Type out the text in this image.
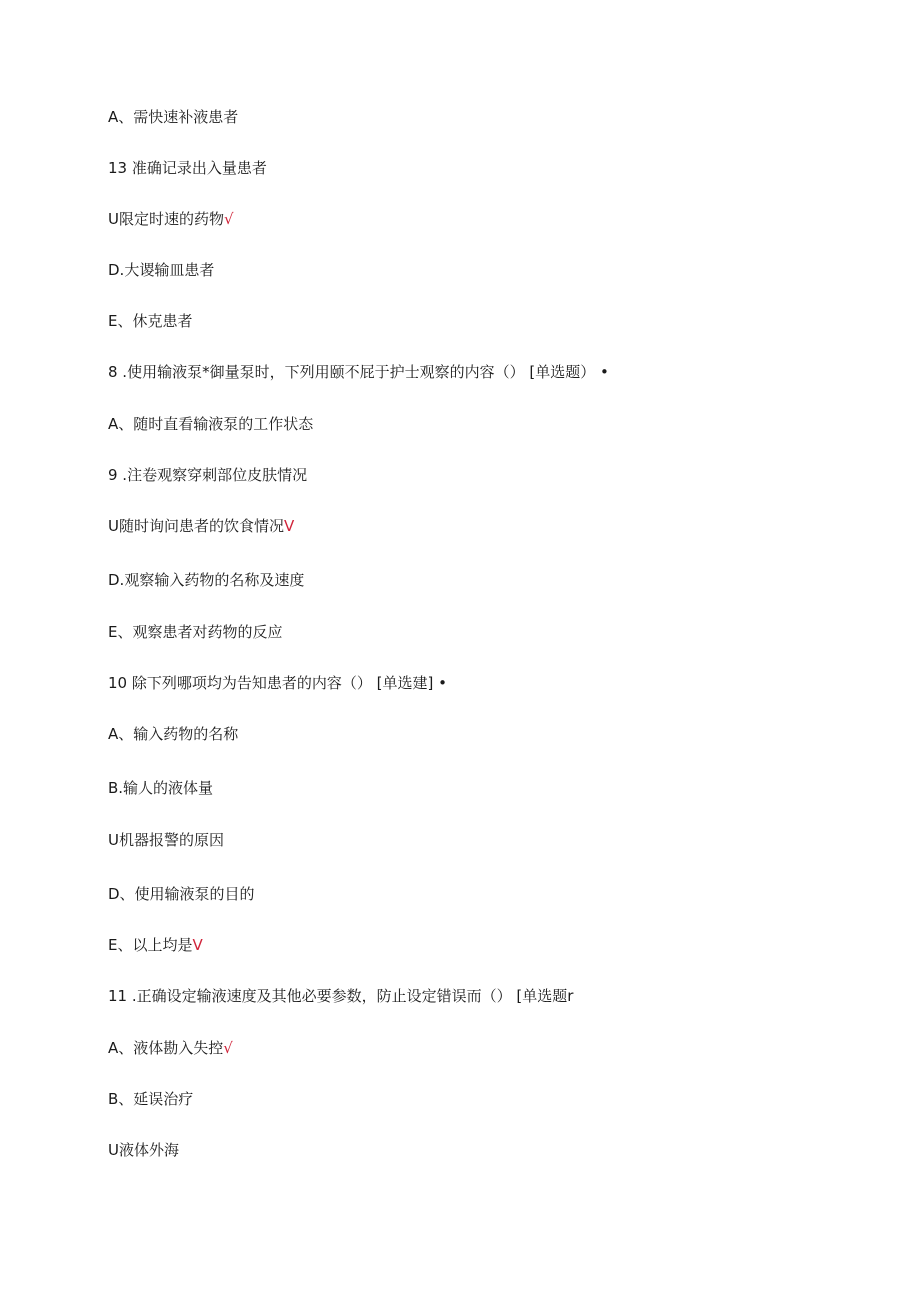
A、需快速补液患者
13 准确记录出入量患者
U限定时速的药物√
D.大谡输皿患者
E、休克患者
8 .使用输液泵*御量泵时，下列用颐不屁于护士观察的内容（） [单选题） •
A、随时直看输液泵的工作状态
9 .注卷观察穿刺部位皮肤情况
U随时询问患者的饮食情况V
D.观察输入药物的名称及速度
E、观察患者对药物的反应
10 除下列哪项均为告知患者的内容（） [单选建] •
A、输入药物的名称
B.输人的液体量
U机器报警的原因
D、使用输液泵的目的
E、以上均是V
11 .正确设定输液速度及其他必要参数，防止设定错误而（） [单选题r
A、液体勘入失控√
B、延误治疗
U液体外海
